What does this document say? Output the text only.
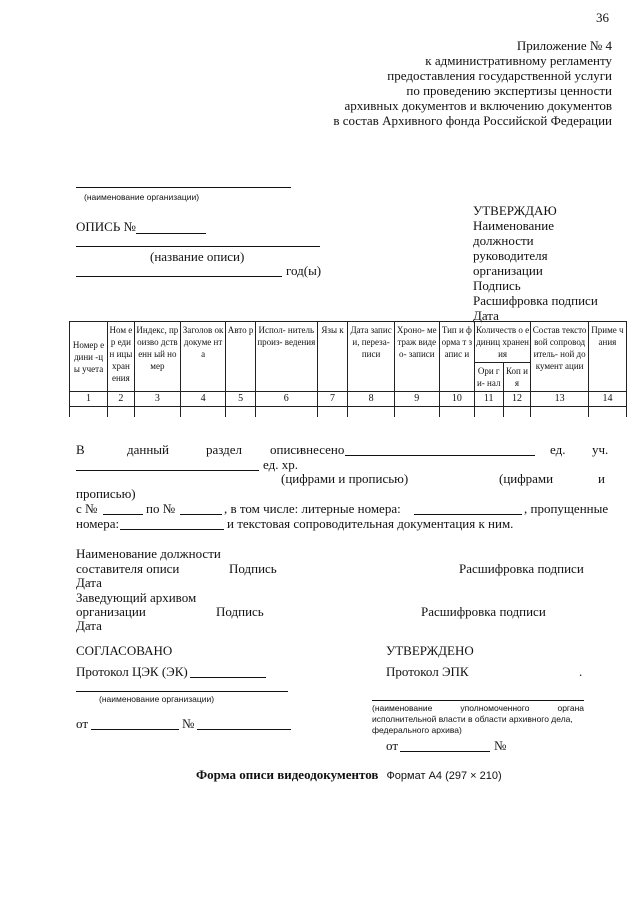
36
Приложение № 4
к административному регламенту
предоставления государственной услуги
по проведению экспертизы ценности
архивных документов и включению документов
в состав Архивного фонда Российской Федерации
(наименование организации)
УТВЕРЖДАЮ
Наименование
должности
руководителя
организации
Подпись
Расшифровка подписи
Дата
ОПИСЬ №
(название описи)
год(ы)
Номер едини -цы учета	Ном ер един ицы хран ения	Индекс, произво дственн ый номер	Заголов ок докуме нта	Авто р	Испол- нитель произ- ведения	Язы к	Дата записи, переза- писи	Хроно- метраж видео- записи	Тип и форма т запис и	Количеств о единиц хранения		Состав текстовой сопровод итель- ной документ ации	Приме чания
										Ори ги- нал	Коп ия		
1	2	3	4	5	6	7	8	9	10	11	12	13	14

В	данный	раздел описи
внесено	ед. уч.
ед. хр.
(цифрами и прописью)	(цифрами	и
прописью)
с №	по №	, в том числе: литерные номера:	, пропущенные
номера:	и текстовая сопроводительная документация к ним.
Наименование должности
составителя описи	Подпись	Расшифровка подписи
Дата
Заведующий архивом
организации	Подпись	Расшифровка подписи
Дата
СОГЛАСОВАНО
Протокол ЦЭК (ЭК)
(наименование организации)
от	№
УТВЕРЖДЕНО
Протокол ЭПК	.
(наименование уполномоченного органа
исполнительной власти в области архивного дела,
федерального архива)
от	№
Форма описи видеодокументов Формат А4 (297 × 210)
